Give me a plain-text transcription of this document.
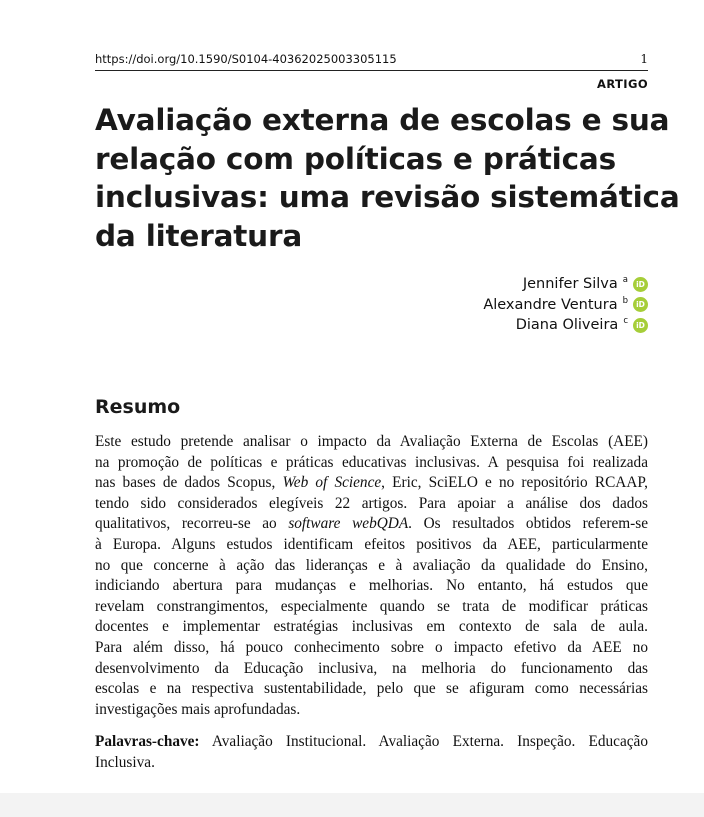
https://doi.org/10.1590/S0104-40362025003305115	1
ARTIGO
Avaliação externa de escolas e sua
relação com políticas e práticas
inclusivas: uma revisão sistemática
da literatura
Jennifer Silva $^a$	iD
Alexandre Ventura $^b$	iD
Diana Oliveira $^c$	iD
Resumo
Este estudo pretende analisar o impacto da Avaliação Externa de Escolas (AEE)
na promoção de políticas e práticas educativas inclusivas. A pesquisa foi realizada
nas bases de dados Scopus, Web of Science, Eric, SciELO e no repositório RCAAP,
tendo sido considerados elegíveis 22 artigos. Para apoiar a análise dos dados
qualitativos, recorreu-se ao software webQDA. Os resultados obtidos referem-se
à Europa. Alguns estudos identificam efeitos positivos da AEE, particularmente
no que concerne à ação das lideranças e à avaliação da qualidade do Ensino,
indiciando abertura para mudanças e melhorias. No entanto, há estudos que
revelam constrangimentos, especialmente quando se trata de modificar práticas
docentes e implementar estratégias inclusivas em contexto de sala de aula.
Para além disso, há pouco conhecimento sobre o impacto efetivo da AEE no
desenvolvimento da Educação inclusiva, na melhoria do funcionamento das
escolas e na respectiva sustentabilidade, pelo que se afiguram como necessárias
investigações mais aprofundadas.
Palavras-chave: Avaliação Institucional. Avaliação Externa. Inspeção. Educação
Inclusiva.
